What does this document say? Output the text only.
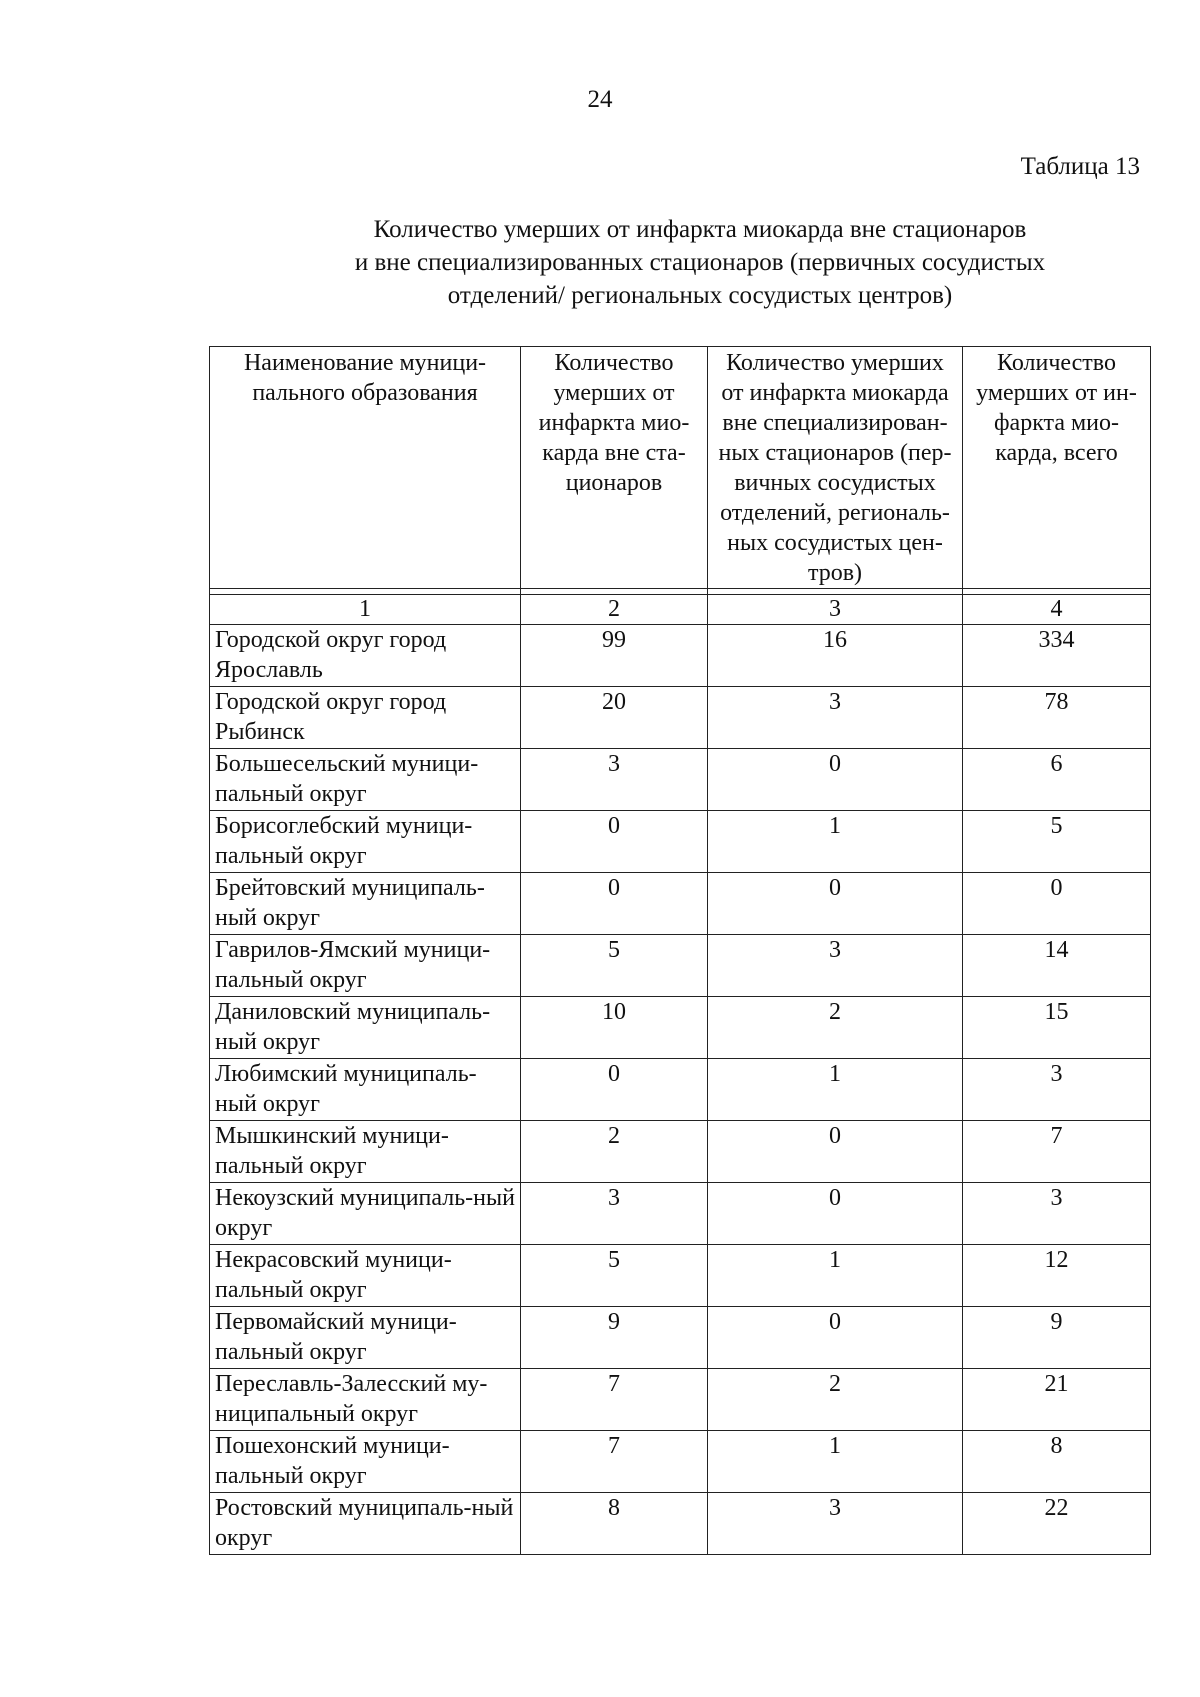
24
Таблица 13
Количество умерших от инфаркта миокарда вне стационаров
и вне специализированных стационаров (первичных сосудистых
отделений/ региональных сосудистых центров)
Наименование муници-пального образования	Количество умерших от инфаркта мио-карда вне ста-ционаров	Количество умерших от инфаркта миокарда вне специализирован-ных стационаров (пер-вичных сосудистых отделений, региональ-ных сосудистых цен-тров)	Количество умерших от ин-фаркта мио-карда, всего

1	2	3	4
Городской округ город Ярославль	99	16	334
Городской округ город Рыбинск	20	3	78
Большесельский муници-пальный округ	3	0	6
Борисоглебский муници-пальный округ	0	1	5
Брейтовский муниципаль-ный округ	0	0	0
Гаврилов-Ямский муници-пальный округ	5	3	14
Даниловский муниципаль-ный округ	10	2	15
Любимский муниципаль-ный округ	0	1	3
Мышкинский муници-пальный округ	2	0	7
Некоузский муниципаль-ный округ	3	0	3
Некрасовский муници-пальный округ	5	1	12
Первомайский муници-пальный округ	9	0	9
Переславль-Залесский му-ниципальный округ	7	2	21
Пошехонский муници-пальный округ	7	1	8
Ростовский муниципаль-ный округ	8	3	22
